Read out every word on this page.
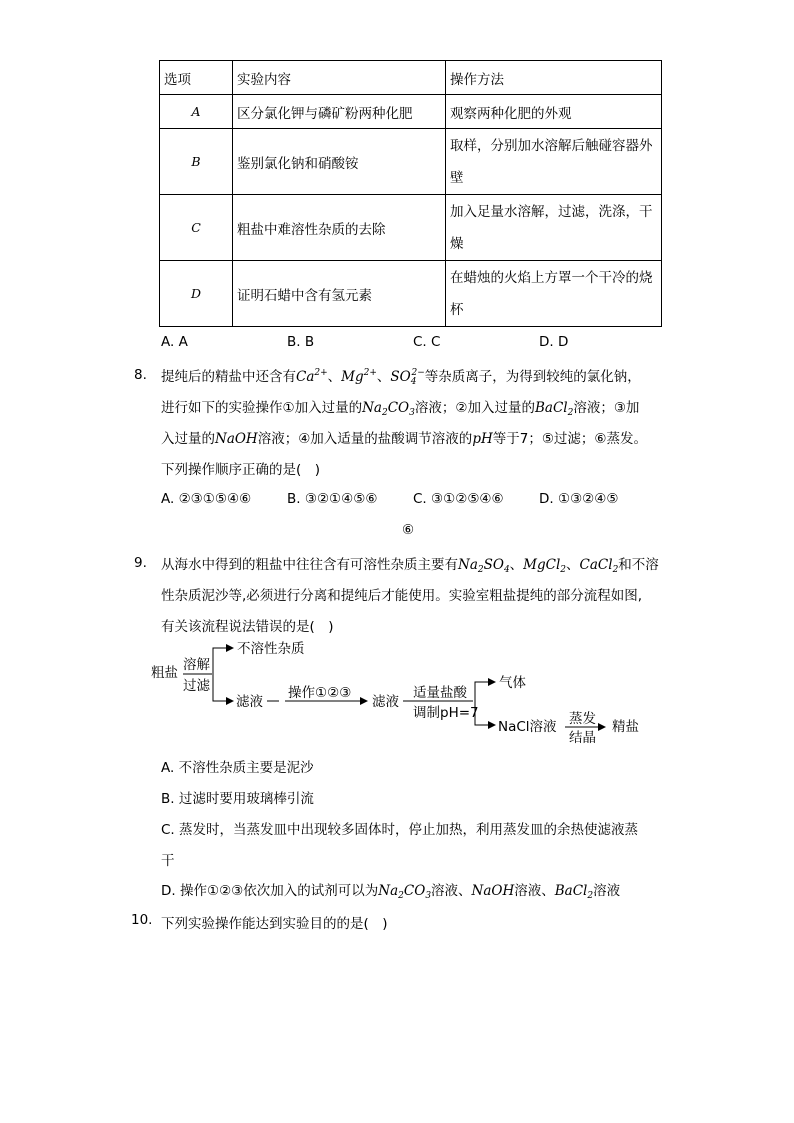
选项	实验内容	操作方法
A	区分氯化钾与磷矿粉两种化肥	观察两种化肥的外观
B	鉴别氯化钠和硝酸铵	取样，分别加水溶解后触碰容器外
壁
C	粗盐中难溶性杂质的去除	加入足量水溶解，过滤，洗涤，干
燥
D	证明石蜡中含有氢元素	在蜡烛的火焰上方罩一个干冷的烧
杯
A. A	B. B	C. C	D. D
8. 提纯后的精盐中还含有$Ca^{2+}$、$Mg^{2+}$、$SO_4^{2-}$等杂质离子，为得到较纯的氯化钠，
进行如下的实验操作①加入过量的$Na_2CO_3$溶液；②加入过量的BaCl$_2$溶液；③加
入过量的NaOH溶液；④加入适量的盐酸调节溶液的pH等于7；⑤过滤；⑥蒸发。
下列操作顺序正确的是(　)
A. ②③①⑤④⑥	B. ③②①④⑤⑥	C. ③①②⑤④⑥	D. ①③②④⑤
⑥
9. 从海水中得到的粗盐中往往含有可溶性杂质主要有$Na_2SO_4$、MgCl$_2$、CaCl$_2$和不溶
性杂质泥沙等,必须进行分离和提纯后才能使用。实验室粗盐提纯的部分流程如图,
有关该流程说法错误的是(　)
粗盐 溶解
过滤
不溶性杂质
滤液
操作①②③
滤液
适量盐酸
调制pH=7
气体
NaCl溶液 蒸发
结晶
精盐
A. 不溶性杂质主要是泥沙
B. 过滤时要用玻璃棒引流
C. 蒸发时，当蒸发皿中出现较多固体时，停止加热，利用蒸发皿的余热使滤液蒸
干
D. 操作①②③依次加入的试剂可以为$Na_2CO_3$溶液、NaOH溶液、BaCl$_2$溶液
10. 下列实验操作能达到实验目的的是(　)
